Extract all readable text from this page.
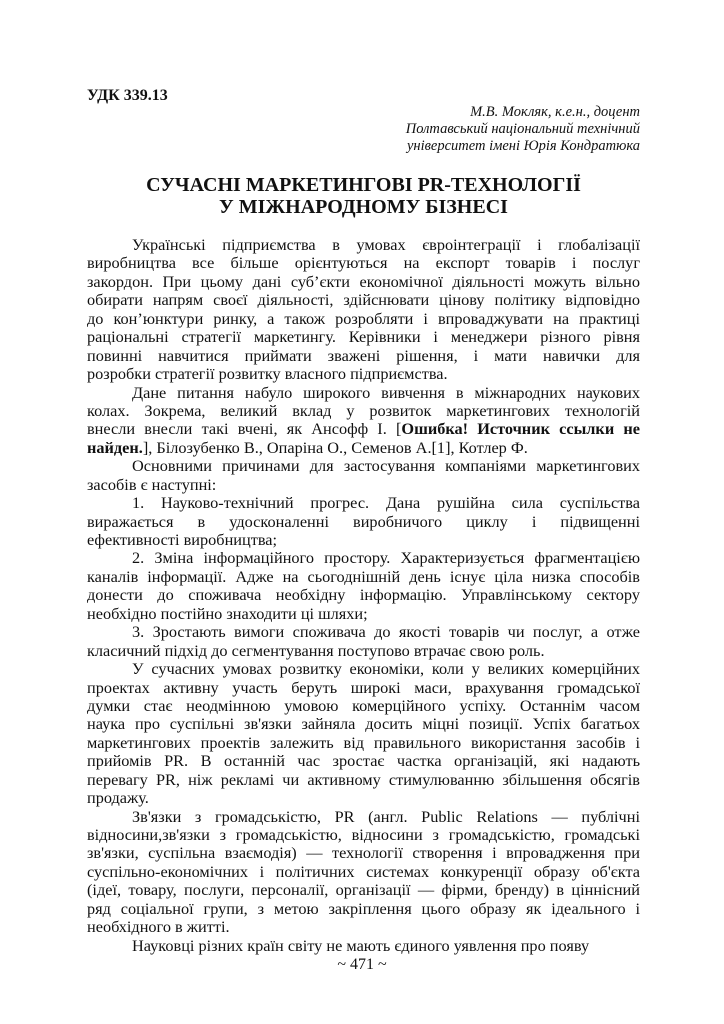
УДК 339.13
М.В. Мокляк, к.е.н., доцент
Полтавський національний технічний
університет імені Юрія Кондратюка
СУЧАСНІ МАРКЕТИНГОВІ PR-ТЕХНОЛОГІЇ
У МІЖНАРОДНОМУ БІЗНЕСІ
Українські підприємства в умовах євроінтеграції і глобалізації
виробництва все більше орієнтуються на експорт товарів і послуг
закордон. При цьому дані суб’єкти економічної діяльності можуть вільно
обирати напрям своєї діяльності, здійснювати цінову політику відповідно
до кон’юнктури ринку, а також розробляти і впроваджувати на практиці
раціональні стратегії маркетингу. Керівники і менеджери різного рівня
повинні навчитися приймати зважені рішення, і мати навички для
розробки стратегії розвитку власного підприємства.
Дане питання набуло широкого вивчення в міжнародних наукових
колах. Зокрема, великий вклад у розвиток маркетингових технологій
внесли внесли такі вчені, як Ансофф І. [Ошибка! Источник ссылки не
найден.], Білозубенко В., Опаріна О., Семенов А.[1], Котлер Ф.
Основними причинами для застосування компаніями маркетингових
засобів є наступні:
1. Науково-технічний прогрес. Дана рушійна сила суспільства
виражається в удосконаленні виробничого циклу і підвищенні
ефективності виробництва;
2. Зміна інформаційного простору. Характеризується фрагментацією
каналів інформації. Адже на сьогоднішній день існує ціла низка способів
донести до споживача необхідну інформацію. Управлінському сектору
необхідно постійно знаходити ці шляхи;
3. Зростають вимоги споживача до якості товарів чи послуг, а отже
класичний підхід до сегментування поступово втрачає свою роль.
У сучасних умовах розвитку економіки, коли у великих комерційних
проектах активну участь беруть широкі маси, врахування громадської
думки стає неодмінною умовою комерційного успіху. Останнім часом
наука про суспільні зв'язки зайняла досить міцні позиції. Успіх багатьох
маркетингових проектів залежить від правильного використання засобів і
прийомів PR. В останній час зростає частка організацій, які надають
перевагу PR, ніж рекламі чи активному стимулюванню збільшення обсягів
продажу.
Зв'язки з громадськістю, PR (англ. Public Relations — публічні
відносини,зв'язки з громадськістю, відносини з громадськістю, громадські
зв'язки, суспільна взаємодія) — технології створення і впровадження при
суспільно-економічних і політичних системах конкуренції образу об'єкта
(ідеї, товару, послуги, персоналії, організації — фірми, бренду) в ціннісний
ряд соціальної групи, з метою закріплення цього образу як ідеального і
необхідного в житті.
Науковці різних країн світу не мають єдиного уявлення про появу
~ 471 ~
